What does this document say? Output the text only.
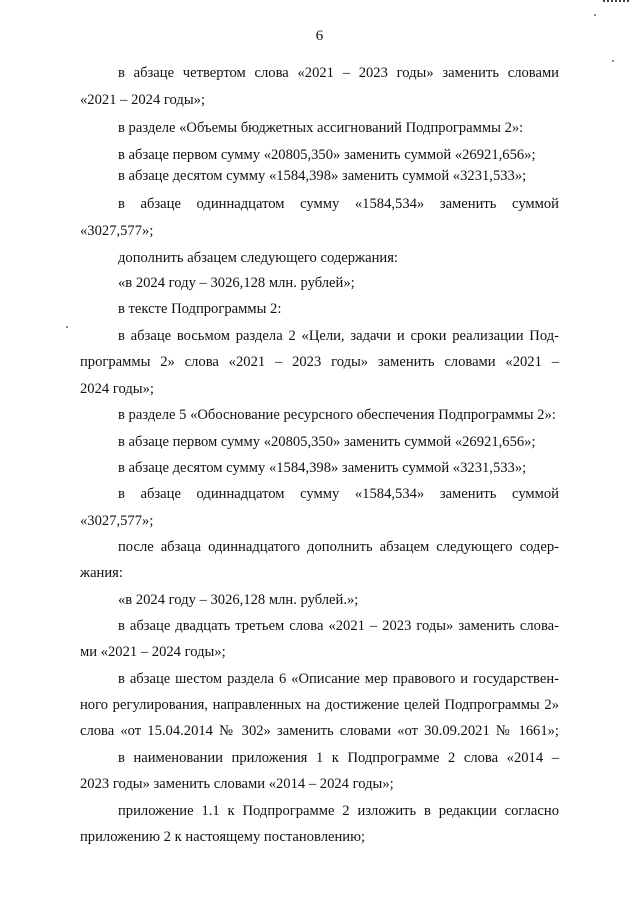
6
в абзаце четвертом слова «2021 – 2023 годы» заменить словами
«2021 – 2024 годы»;
в разделе «Объемы бюджетных ассигнований Подпрограммы 2»:
в абзаце первом сумму «20805,350» заменить суммой «26921,656»;
в абзаце десятом сумму «1584,398» заменить суммой «3231,533»;
в абзаце одиннадцатом сумму «1584,534» заменить суммой
«3027,577»;
дополнить абзацем следующего содержания:
«в 2024 году – 3026,128 млн. рублей»;
в тексте Подпрограммы 2:
в абзаце восьмом раздела 2 «Цели, задачи и сроки реализации Под-
программы 2» слова «2021 – 2023 годы» заменить словами «2021 –
2024 годы»;
в разделе 5 «Обоснование ресурсного обеспечения Подпрограммы 2»:
в абзаце первом сумму «20805,350» заменить суммой «26921,656»;
в абзаце десятом сумму «1584,398» заменить суммой «3231,533»;
в абзаце одиннадцатом сумму «1584,534» заменить суммой
«3027,577»;
после абзаца одиннадцатого дополнить абзацем следующего содер-
жания:
«в 2024 году – 3026,128 млн. рублей.»;
в абзаце двадцать третьем слова «2021 – 2023 годы» заменить слова-
ми «2021 – 2024 годы»;
в абзаце шестом раздела 6 «Описание мер правового и государствен-
ного регулирования, направленных на достижение целей Подпрограммы 2»
слова «от 15.04.2014 № 302» заменить словами «от 30.09.2021 № 1661»;
в наименовании приложения 1 к Подпрограмме 2 слова «2014 –
2023 годы» заменить словами «2014 – 2024 годы»;
приложение 1.1 к Подпрограмме 2 изложить в редакции согласно
приложению 2 к настоящему постановлению;
